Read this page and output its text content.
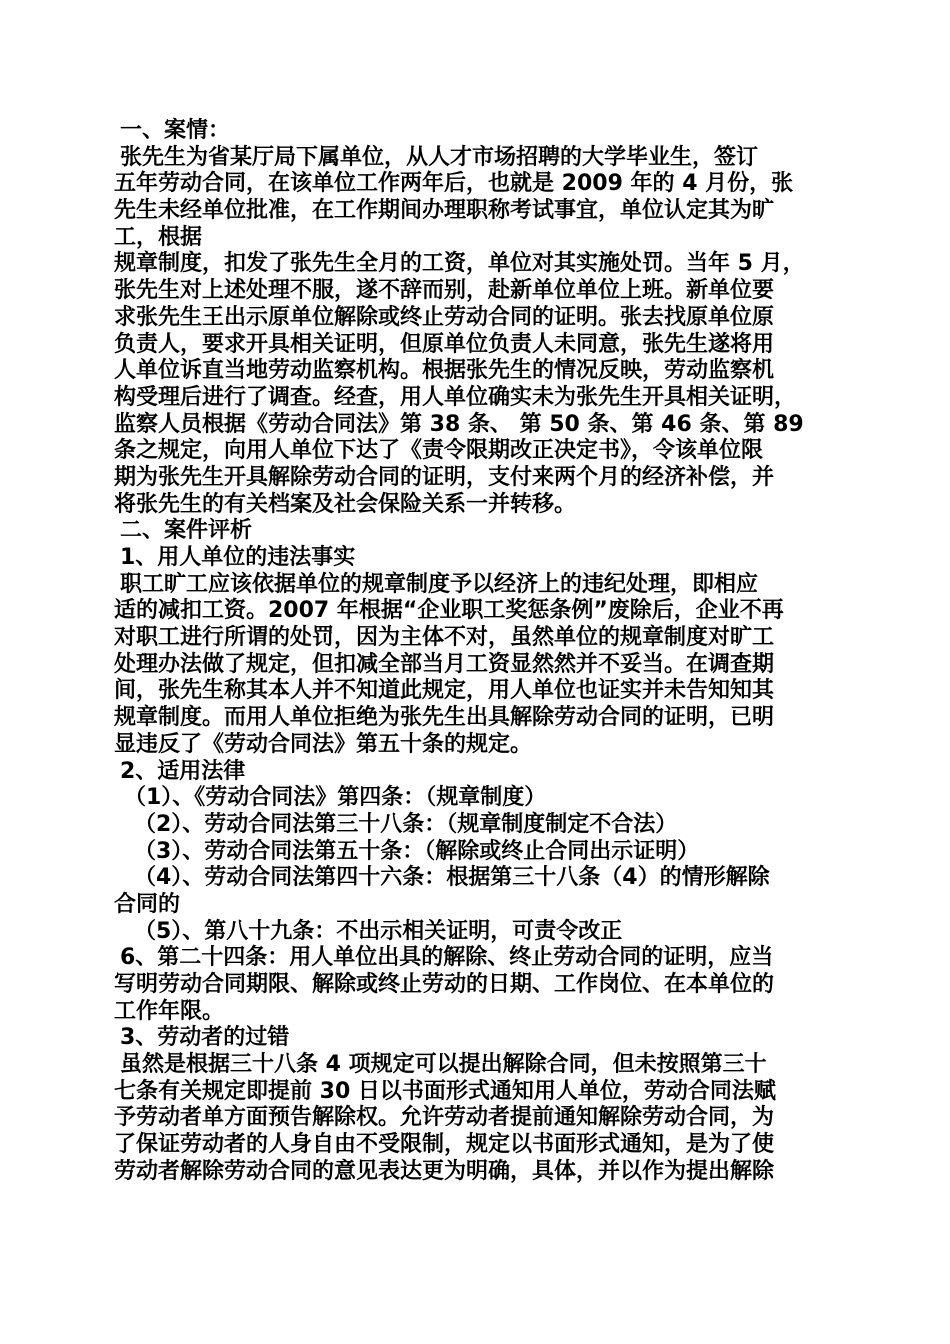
一、案情：
张先生为省某厅局下属单位，从人才市场招聘的大学毕业生，签订
五年劳动合同，在该单位工作两年后，也就是 2009 年的 4 月份，张
先生未经单位批准，在工作期间办理职称考试事宜，单位认定其为旷
工，根据
规章制度，扣发了张先生全月的工资，单位对其实施处罚。当年 5 月，
张先生对上述处理不服，遂不辞而别，赴新单位单位上班。新单位要
求张先生王出示原单位解除或终止劳动合同的证明。张去找原单位原
负责人，要求开具相关证明，但原单位负责人未同意，张先生遂将用
人单位诉直当地劳动监察机构。根据张先生的情况反映，劳动监察机
构受理后进行了调查。经查，用人单位确实未为张先生开具相关证明，
监察人员根据《劳动合同法》第 38 条、 第 50 条、第 46 条、第 89
条之规定，向用人单位下达了《责令限期改正决定书》，令该单位限
期为张先生开具解除劳动合同的证明，支付来两个月的经济补偿，并
将张先生的有关档案及社会保险关系一并转移。
二、案件评析
1、用人单位的违法事实
职工旷工应该依据单位的规章制度予以经济上的违纪处理，即相应
适的减扣工资。2007 年根据“企业职工奖惩条例”废除后，企业不再
对职工进行所谓的处罚，因为主体不对，虽然单位的规章制度对旷工
处理办法做了规定，但扣减全部当月工资显然然并不妥当。在调查期
间，张先生称其本人并不知道此规定，用人单位也证实并未告知知其
规章制度。而用人单位拒绝为张先生出具解除劳动合同的证明，已明
显违反了《劳动合同法》第五十条的规定。
2、适用法律
（1）、《劳动合同法》第四条：（规章制度）
（2）、劳动合同法第三十八条：（规章制度制定不合法）
（3）、劳动合同法第五十条：（解除或终止合同出示证明）
（4）、劳动合同法第四十六条：根据第三十八条（4）的情形解除
合同的
（5）、第八十九条：不出示相关证明，可责令改正
6、第二十四条：用人单位出具的解除、终止劳动合同的证明，应当
写明劳动合同期限、解除或终止劳动的日期、工作岗位、在本单位的
工作年限。
3、劳动者的过错
虽然是根据三十八条 4 项规定可以提出解除合同，但未按照第三十
七条有关规定即提前 30 日以书面形式通知用人单位，劳动合同法赋
予劳动者单方面预告解除权。允许劳动者提前通知解除劳动合同，为
了保证劳动者的人身自由不受限制，规定以书面形式通知，是为了使
劳动者解除劳动合同的意见表达更为明确，具体，并以作为提出解除
